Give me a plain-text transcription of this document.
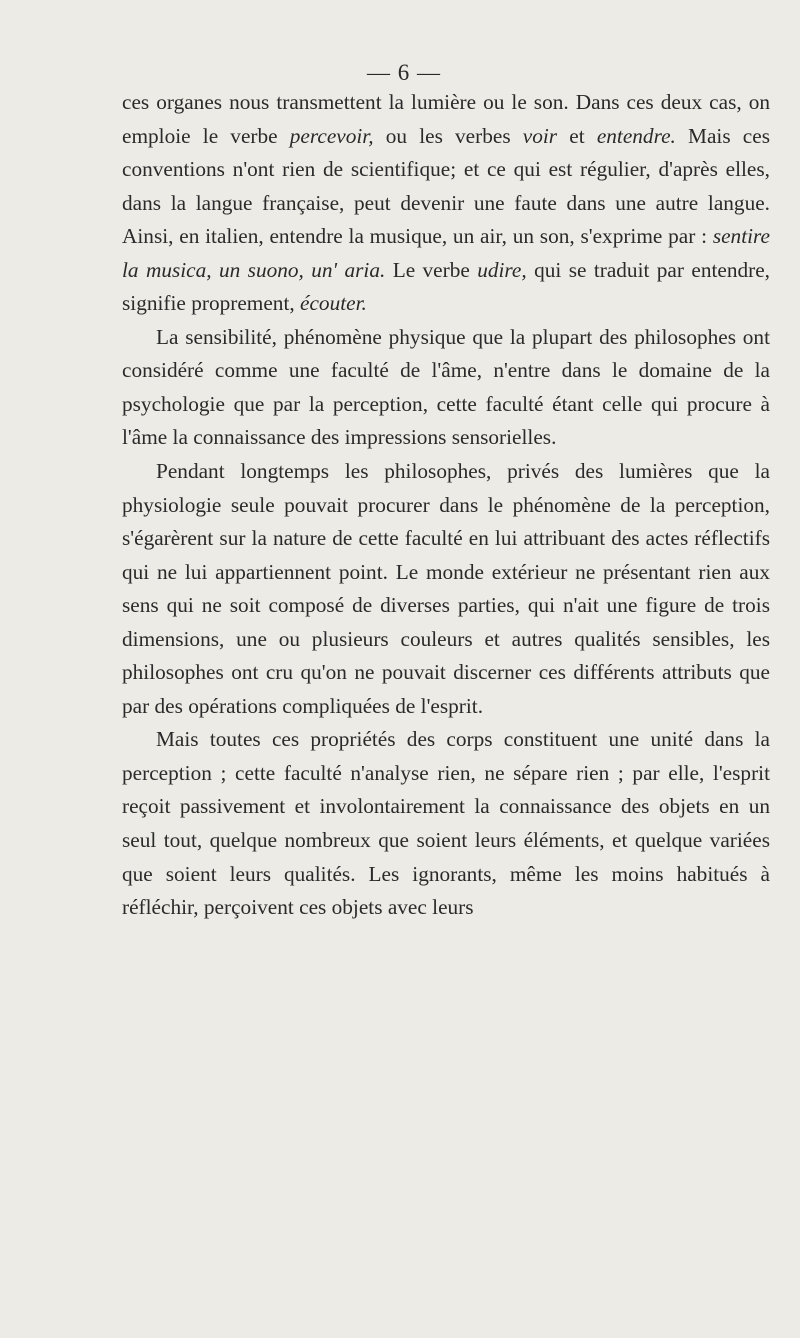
— 6 —

ces organes nous transmettent la lumière ou le son. Dans ces deux cas, on emploie le verbe percevoir, ou les verbes voir et entendre. Mais ces conventions n'ont rien de scientifique; et ce qui est régulier, d'après elles, dans la langue française, peut devenir une faute dans une autre langue. Ainsi, en italien, entendre la musique, un air, un son, s'exprime par : sentire la musica, un suono, un' aria. Le verbe udire, qui se traduit par entendre, signifie proprement, écouter.

La sensibilité, phénomène physique que la plupart des philosophes ont considéré comme une faculté de l'âme, n'entre dans le domaine de la psychologie que par la perception, cette faculté étant celle qui procure à l'âme la connaissance des impressions sensorielles.

Pendant longtemps les philosophes, privés des lumières que la physiologie seule pouvait procurer dans le phénomène de la perception, s'égarèrent sur la nature de cette faculté en lui attribuant des actes réflectifs qui ne lui appartiennent point. Le monde extérieur ne présentant rien aux sens qui ne soit composé de diverses parties, qui n'ait une figure de trois dimensions, une ou plusieurs couleurs et autres qualités sensibles, les philosophes ont cru qu'on ne pouvait discerner ces différents attributs que par des opérations compliquées de l'esprit.

Mais toutes ces propriétés des corps constituent une unité dans la perception ; cette faculté n'analyse rien, ne sépare rien ; par elle, l'esprit reçoit passivement et involontairement la connaissance des objets en un seul tout, quelque nombreux que soient leurs éléments, et quelque variées que soient leurs qualités. Les ignorants, même les moins habitués à réfléchir, perçoivent ces objets avec leurs
